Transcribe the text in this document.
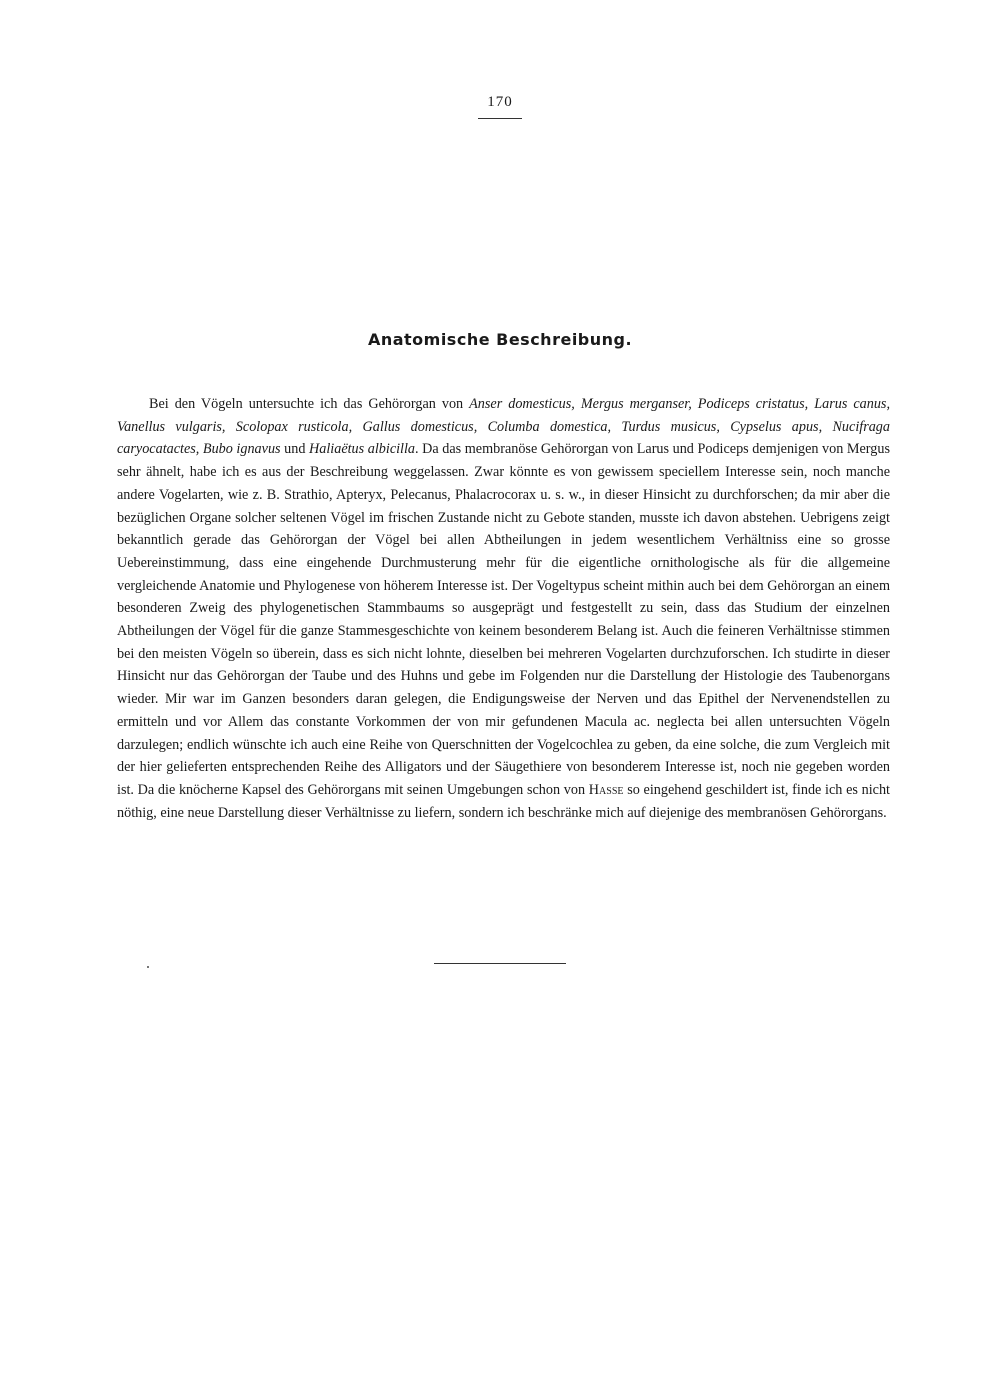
170
Anatomische Beschreibung.

Bei den Vögeln untersuchte ich das Gehörorgan von Anser domesticus, Mergus merganser, Podiceps cristatus, Larus canus, Vanellus vulgaris, Scolopax rusticola, Gallus domesticus, Columba domestica, Turdus musicus, Cypselus apus, Nucifraga caryocatactes, Bubo ignavus und Haliaëtus albicilla. Da das membranöse Gehörorgan von Larus und Podiceps demjenigen von Mergus sehr ähnelt, habe ich es aus der Beschreibung weggelassen. Zwar könnte es von gewissem speciellem Interesse sein, noch manche andere Vogelarten, wie z. B. Strathio, Apteryx, Pelecanus, Phalacrocorax u. s. w., in dieser Hinsicht zu durchforschen; da mir aber die bezüglichen Organe solcher seltenen Vögel im frischen Zustande nicht zu Gebote standen, musste ich davon abstehen. Uebrigens zeigt bekanntlich gerade das Gehörorgan der Vögel bei allen Abtheilungen in jedem wesentlichem Verhältniss eine so grosse Uebereinstimmung, dass eine eingehende Durchmusterung mehr für die eigentliche ornithologische als für die allgemeine vergleichende Anatomie und Phylogenese von höherem Interesse ist. Der Vogeltypus scheint mithin auch bei dem Gehörorgan an einem besonderen Zweig des phylogenetischen Stammbaums so ausgeprägt und festgestellt zu sein, dass das Studium der einzelnen Abtheilungen der Vögel für die ganze Stammesgeschichte von keinem besonderem Belang ist. Auch die feineren Verhältnisse stimmen bei den meisten Vögeln so überein, dass es sich nicht lohnte, dieselben bei mehreren Vogelarten durchzuforschen. Ich studirte in dieser Hinsicht nur das Gehörorgan der Taube und des Huhns und gebe im Folgenden nur die Darstellung der Histologie des Taubenorgans wieder. Mir war im Ganzen besonders daran gelegen, die Endigungsweise der Nerven und das Epithel der Nervenendstellen zu ermitteln und vor Allem das constante Vorkommen der von mir gefundenen Macula ac. neglecta bei allen untersuchten Vögeln darzulegen; endlich wünschte ich auch eine Reihe von Querschnitten der Vogelcochlea zu geben, da eine solche, die zum Vergleich mit der hier gelieferten entsprechenden Reihe des Alligators und der Säugethiere von besonderem Interesse ist, noch nie gegeben worden ist. Da die knöcherne Kapsel des Gehörorgans mit seinen Umgebungen schon von Hasse so eingehend geschildert ist, finde ich es nicht nöthig, eine neue Darstellung dieser Verhältnisse zu liefern, sondern ich beschränke mich auf diejenige des membranösen Gehörorgans.
